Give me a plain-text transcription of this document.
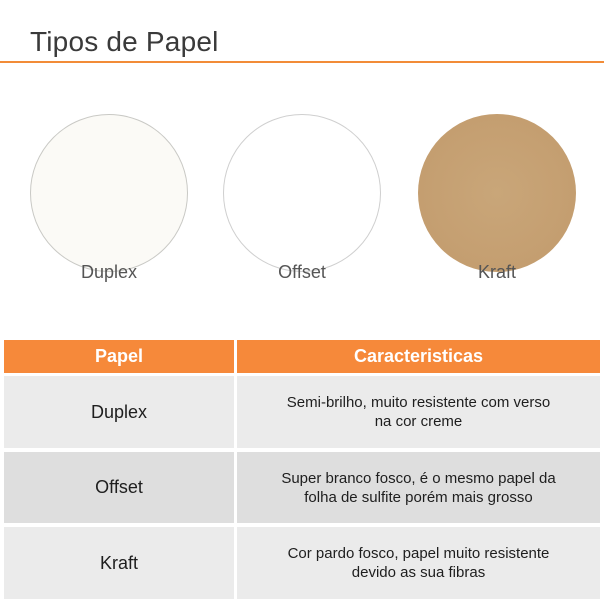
Tipos de Papel
Duplex	Offset	Kraft
Papel	Caracteristicas
Duplex	Semi-brilho, muito resistente com verso na cor creme
Offset	Super branco fosco, é o mesmo papel da folha de sulfite porém mais grosso
Kraft	Cor pardo fosco, papel muito resistente devido as sua fibras
